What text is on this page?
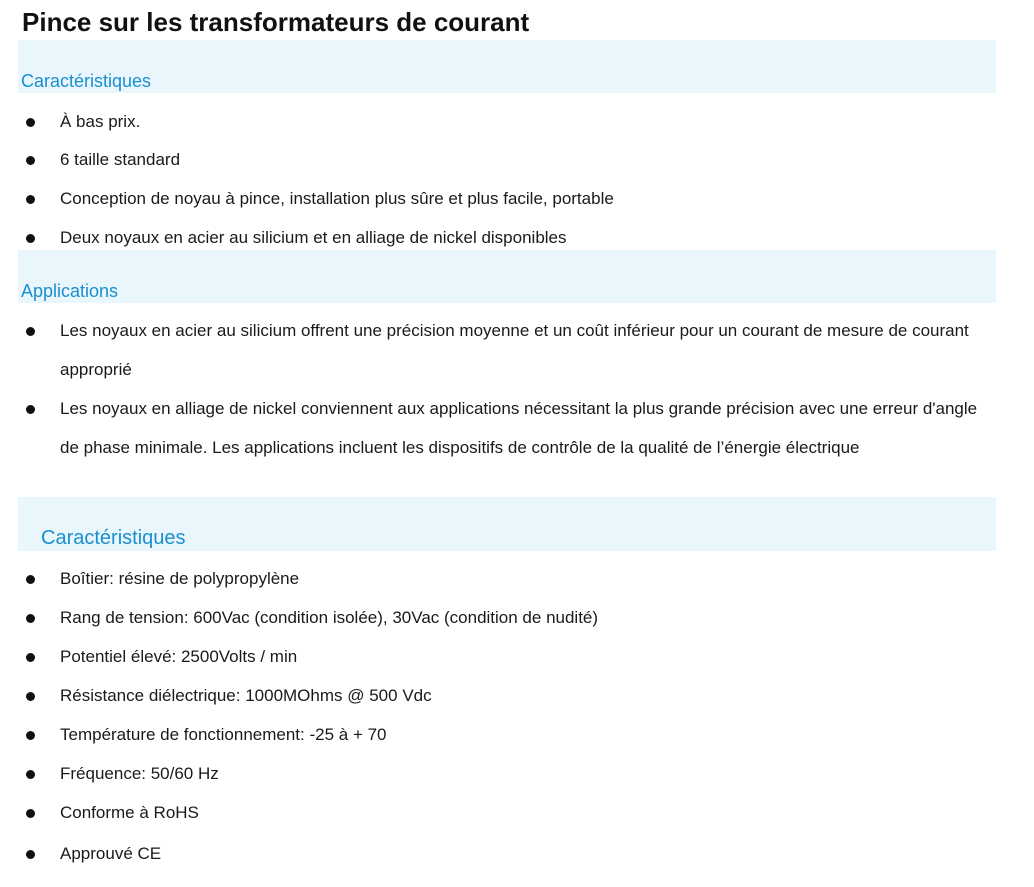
Pince sur les transformateurs de courant
Caractéristiques
À bas prix.
6 taille standard
Conception de noyau à pince, installation plus sûre et plus facile, portable
Deux noyaux en acier au silicium et en alliage de nickel disponibles
Applications
Les noyaux en acier au silicium offrent une précision moyenne et un coût inférieur pour un courant de mesure de courant approprié
Les noyaux en alliage de nickel conviennent aux applications nécessitant la plus grande précision avec une erreur d'angle de phase minimale. Les applications incluent les dispositifs de contrôle de la qualité de l’énergie électrique
Caractéristiques
Boîtier: résine de polypropylène
Rang de tension: 600Vac (condition isolée), 30Vac (condition de nudité)
Potentiel élevé: 2500Volts / min
Résistance diélectrique: 1000MOhms @ 500 Vdc
Température de fonctionnement: -25 à + 70
Fréquence: 50/60 Hz
Conforme à RoHS
Approuvé CE
